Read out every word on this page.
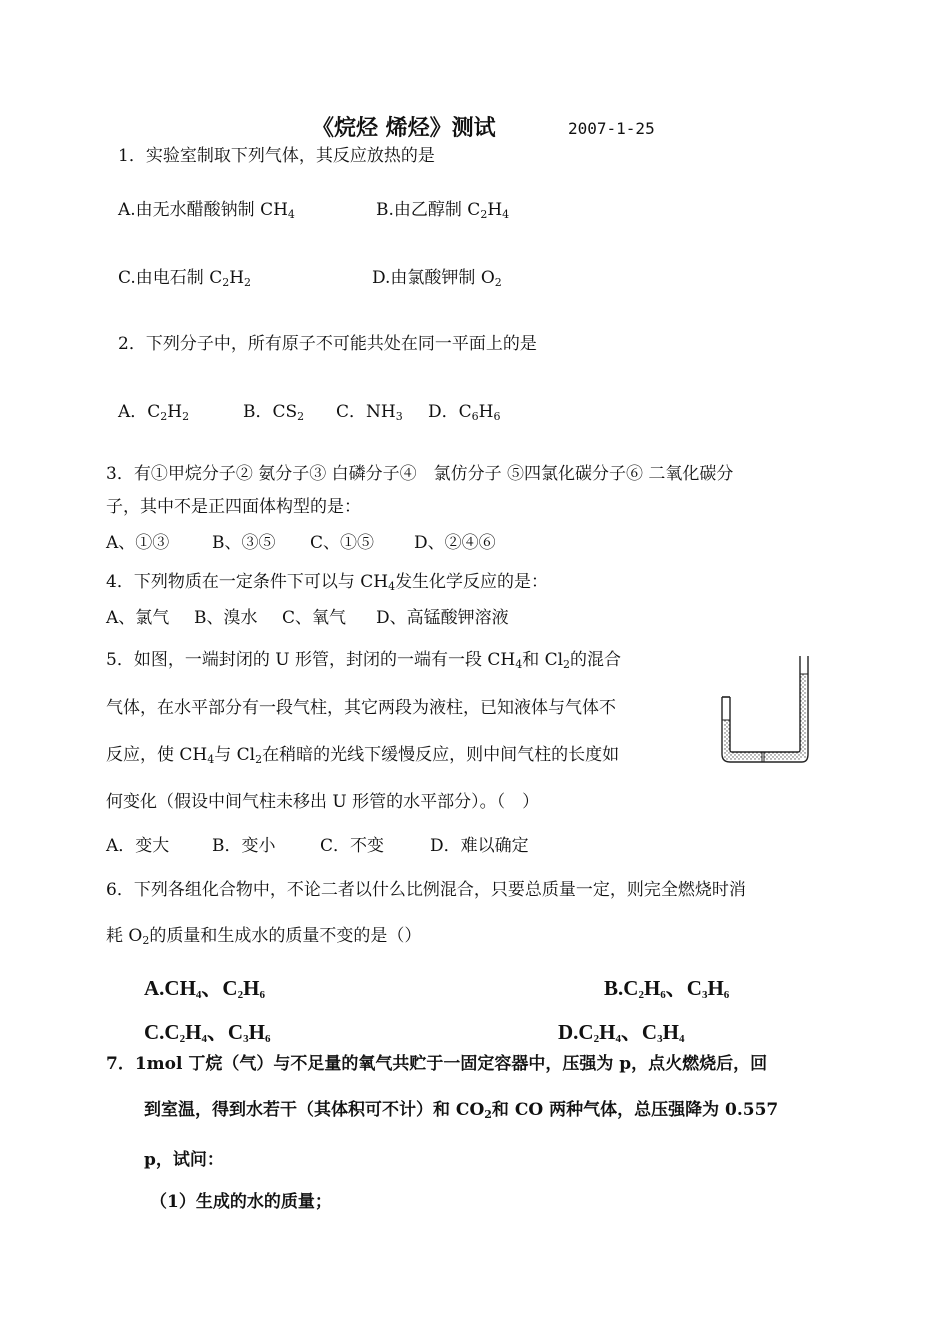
《烷烃 烯烃》测试	2007-1-25
1．实验室制取下列气体，其反应放热的是
A.由无水醋酸钠制 $CH_4$	B.由乙醇制 $C_2H_4$
C.由电石制 $C_2H_2$	D.由氯酸钾制 $O_2$
2．下列分子中，所有原子不可能共处在同一平面上的是
A．$C_2H_2$	B．$CS_2$ C．$NH_3$ D．$C_6H_6$
3．有①甲烷分子② 氨分子③ 白磷分子④　氯仿分子 ⑤四氯化碳分子⑥ 二氧化碳分
子，其中不是正四面体构型的是：
A、①③	B、③⑤ C、①⑤ D、②④⑥
4．下列物质在一定条件下可以与 $CH_4$发生化学反应的是：
A、氯气 B、溴水 C、氧气 D、高锰酸钾溶液
5．如图，一端封闭的 U 形管，封闭的一端有一段 $CH_4$和 $Cl_2$的混合
气体，在水平部分有一段气柱，其它两段为液柱，已知液体与气体不
反应，使 $CH_4$与 $Cl_2$在稍暗的光线下缓慢反应，则中间气柱的长度如
何变化（假设中间气柱未移出 U 形管的水平部分）。（　）
A．变大	B．变小	C．不变	D．难以确定
6．下列各组化合物中，不论二者以什么比例混合，只要总质量一定，则完全燃烧时消
耗 $O_2$的质量和生成水的质量不变的是（）
$A.CH_4$、$C_2H_6$	$B.C_2H_6$、$C_3H_6$
$C.C_2H_4$、$C_3H_6$	$D.C_2H_4$、$C_3H_4$
7．1mol 丁烷（气）与不足量的氧气共贮于一固定容器中，压强为 p，点火燃烧后，回
到室温，得到水若干（其体积可不计）和 $CO_2$和 CO 两种气体，总压强降为 0.557
p，试问：
（1）生成的水的质量；
